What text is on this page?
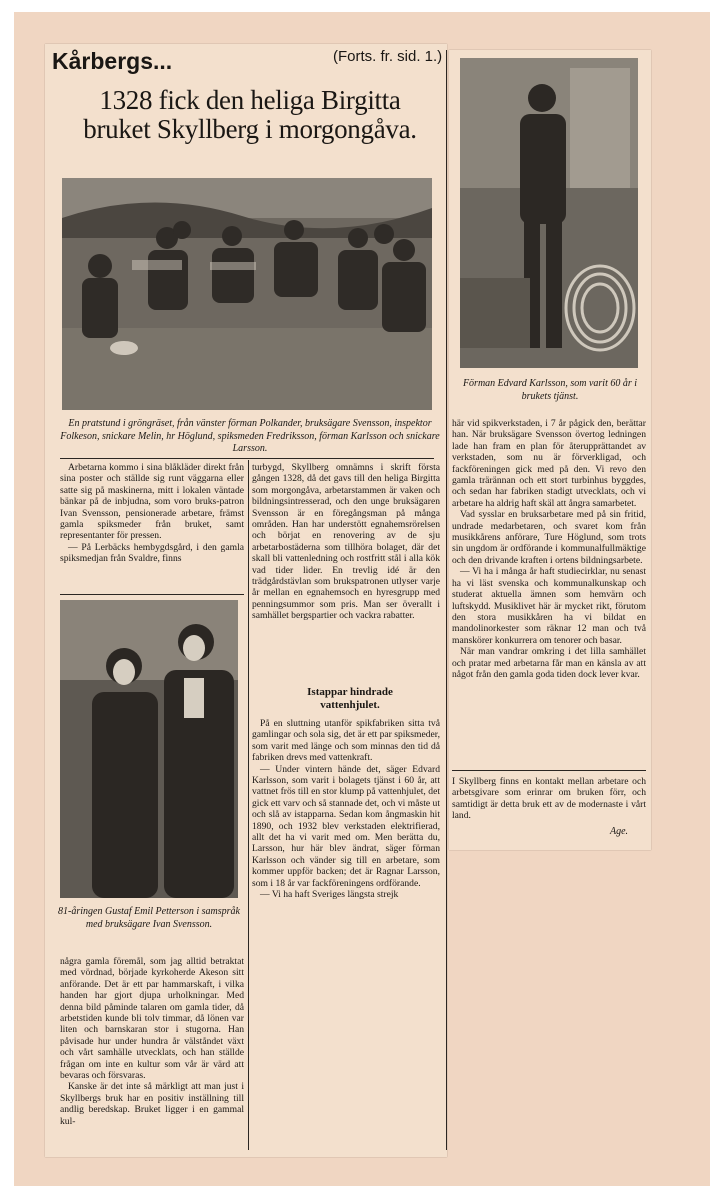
Kårbergs...	(Forts. fr. sid. 1.)
1328 fick den heliga Birgitta
bruket Skyllberg i morgongåva.
En pratstund i gröngräset, från vänster förman Polkander, bruksägare Svensson, inspektor Folkeson, snickare Melin, hr Höglund, spiksmeden Fredriksson, förman Karlsson och snickare Larsson.
Förman Edvard Karlsson, som varit 60 år i brukets tjänst.
81-åringen Gustaf Emil Petterson i samspråk med bruksägare Ivan Svensson.

Arbetarna kommo i sina blåkläder direkt från sina poster och ställde sig runt väggarna eller satte sig på maskinerna, mitt i lokalen väntade bänkar på de inbjudna, som voro bruks-patron Ivan Svensson, pensionerade arbetare, främst gamla spiksmeder från bruket, samt representanter för pressen.

— På Lerbäcks hembygdsgård, i den gamla spiksmedjan från Svaldre, finns

några gamla föremål, som jag alltid betraktat med vördnad, började kyrkoherde Akeson sitt anförande. Det är ett par hammarskaft, i vilka handen har gjort djupa urholkningar. Med denna bild påminde talaren om gamla tider, då arbetstiden kunde bli tolv timmar, då lönen var liten och barnskaran stor i stugorna. Han påvisade hur under hundra år välståndet växt och vårt samhälle utvecklats, och han ställde frågan om inte en kultur som vår är värd att bevaras och försvaras.

Kanske är det inte så märkligt att man just i Skyllbergs bruk har en positiv inställning till andlig beredskap. Bruket ligger i en gammal kul-

turbygd, Skyllberg omnämns i skrift första gången 1328, då det gavs till den heliga Birgitta som morgongåva, arbetarstammen är vaken och bildningsintresserad, och den unge bruksägaren Svensson är en föregångsman på många områden. Han har understött egnahemsrörelsen och börjat en renovering av de sju arbetarbostäderna som tillhöra bolaget, där det skall bli vattenledning och rostfritt stål i alla kök vad tider lider. En trevlig idé är den trädgårdstävlan som brukspatronen utlyser varje år mellan en egnahemsoch en hyresgrupp med penningsummor som pris. Man ser överallt i samhället bergspartier och vackra rabatter.

Istappar hindrade vattenhjulet.

På en sluttning utanför spikfabriken sitta två gamlingar och sola sig, det är ett par spiksmeder, som varit med länge och som minnas den tid då fabriken drevs med vattenkraft.

— Under vintern hände det, säger Edvard Karlsson, som varit i bolagets tjänst i 60 år, att vattnet frös till en stor klump på vattenhjulet, det gick ett varv och så stannade det, och vi måste ut och slå av istapparna. Sedan kom ångmaskin hit 1890, och 1932 blev verkstaden elektrifierad, allt det ha vi varit med om. Men berätta du, Larsson, hur här blev ändrat, säger förman Karlsson och vänder sig till en arbetare, som kommer uppför backen; det är Ragnar Larsson, som i 18 år var fackföreningens ordförande.

— Vi ha haft Sveriges längsta strejk

här vid spikverkstaden, i 7 år pågick den, berättar han. När bruksägare Svensson övertog ledningen lade han fram en plan för återupprättandet av verkstaden, som nu är förverkligad, och fackföreningen gick med på den. Vi revo den gamla trärännan och ett stort turbinhus byggdes, och sedan har fabriken stadigt utvecklats, och vi arbetare ha aldrig haft skäl att ångra samarbetet.

Vad sysslar en bruksarbetare med på sin fritid, undrade medarbetaren, och svaret kom från musikkårens anförare, Ture Höglund, som trots sin ungdom är ordförande i kommunalfullmäktige och den drivande kraften i ortens bildningsarbete.

— Vi ha i många år haft studiecirklar, nu senast ha vi läst svenska och kommunalkunskap och studerat aktuella ämnen som hemvärn och luftskydd. Musiklivet här är mycket rikt, förutom den stora musikkåren ha vi bildat en mandolinorkester som räknar 12 man och två manskörer konkurrera om tenorer och basar.

När man vandrar omkring i det lilla samhället och pratar med arbetarna får man en känsla av att något från den gamla goda tiden dock lever kvar.

I Skyllberg finns en kontakt mellan arbetare och arbetsgivare som erinrar om bruken förr, och samtidigt är detta bruk ett av de modernaste i vårt land.

Age.
